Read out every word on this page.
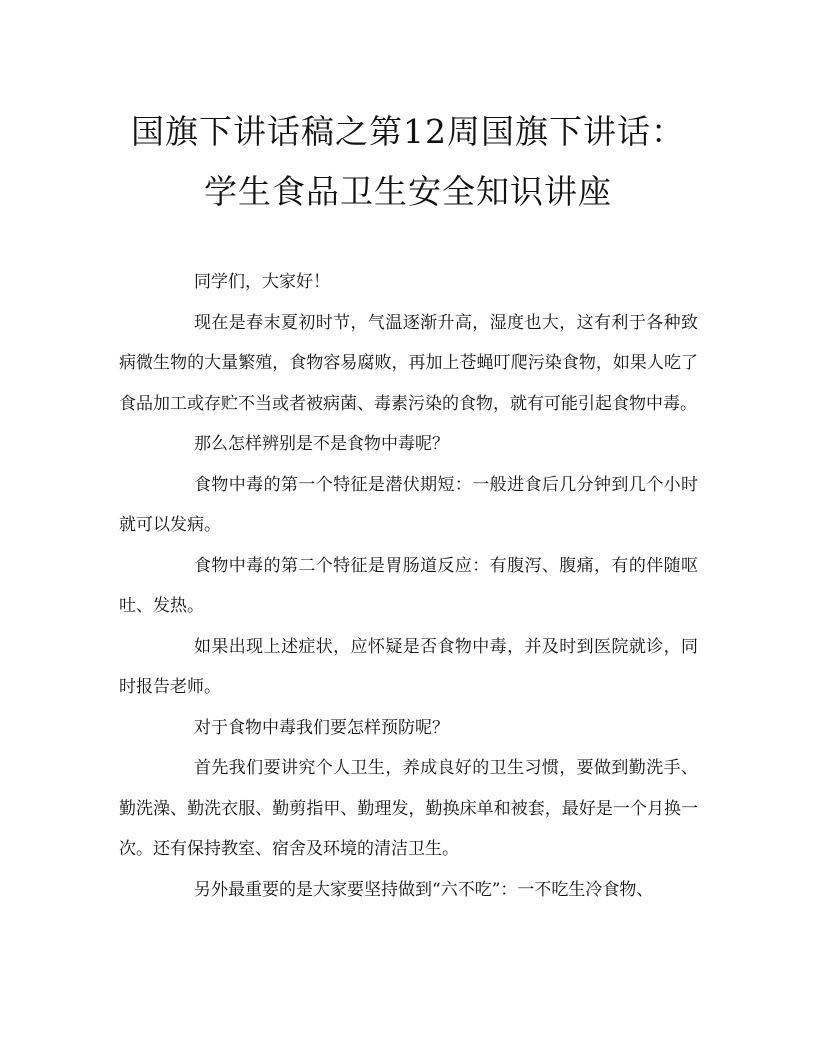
国旗下讲话稿之第12周国旗下讲话：
学生食品卫生安全知识讲座

同学们，大家好！

现在是春末夏初时节，气温逐渐升高，湿度也大，这有利于各种致病微生物的大量繁殖，食物容易腐败，再加上苍蝇叮爬污染食物，如果人吃了食品加工或存贮不当或者被病菌、毒素污染的食物，就有可能引起食物中毒。

那么怎样辨别是不是食物中毒呢？

食物中毒的第一个特征是潜伏期短：一般进食后几分钟到几个小时就可以发病。

食物中毒的第二个特征是胃肠道反应：有腹泻、腹痛，有的伴随呕吐、发热。

如果出现上述症状，应怀疑是否食物中毒，并及时到医院就诊，同时报告老师。

对于食物中毒我们要怎样预防呢？

首先我们要讲究个人卫生，养成良好的卫生习惯，要做到勤洗手、勤洗澡、勤洗衣服、勤剪指甲、勤理发，勤换床单和被套，最好是一个月换一次。还有保持教室、宿舍及环境的清洁卫生。

另外最重要的是大家要坚持做到“六不吃”：一不吃生冷食物、
